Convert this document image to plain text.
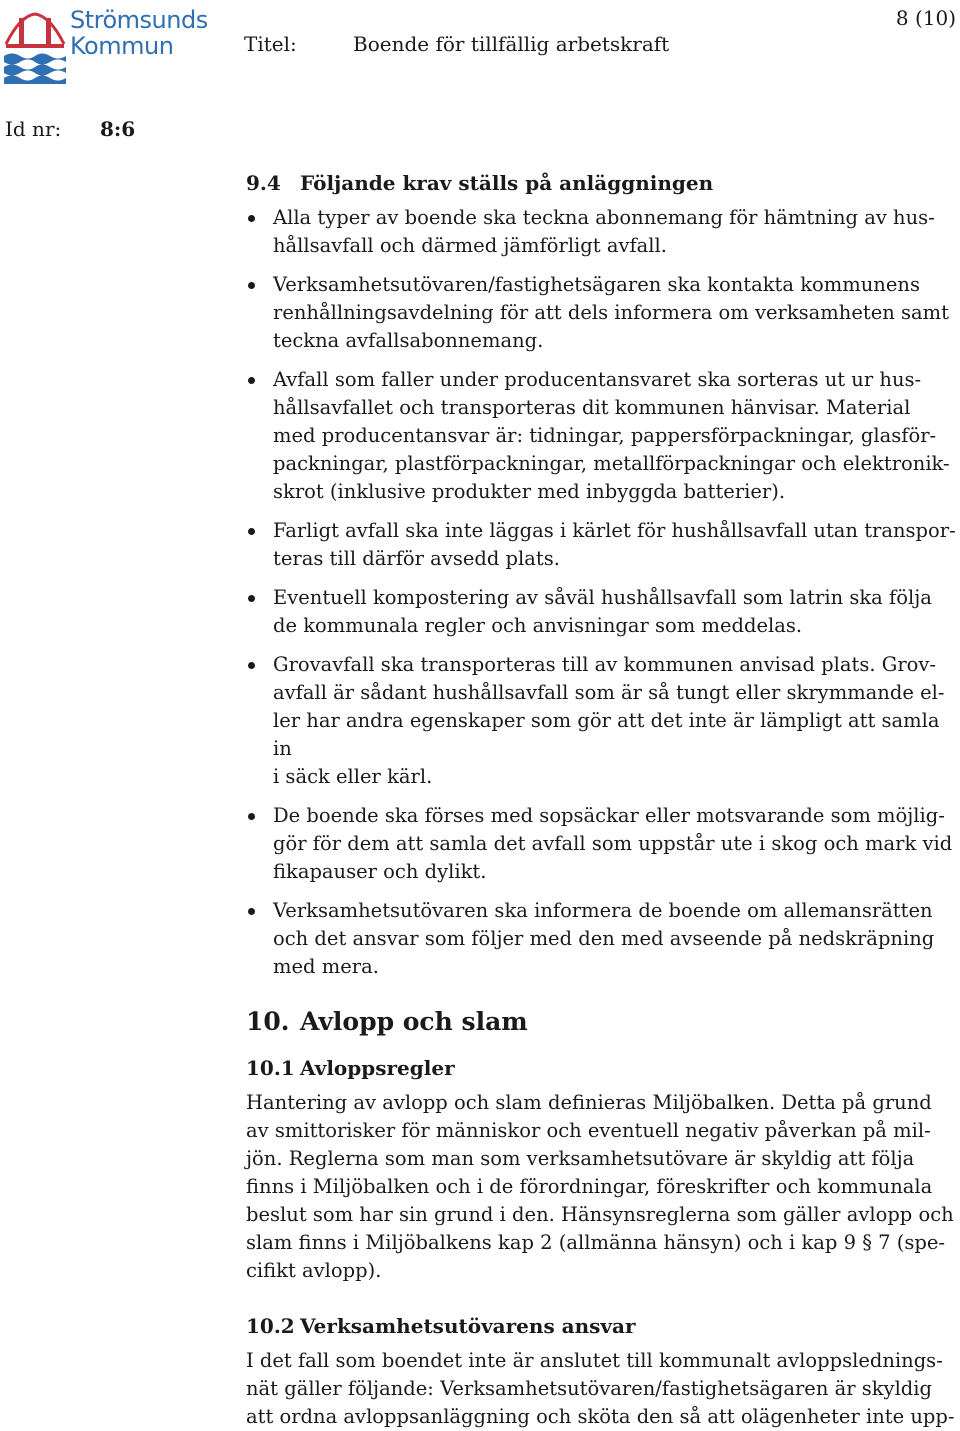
Strömsunds
Kommun
8 (10)
Titel:	Boende för tillfällig arbetskraft
Id nr: 8:6
9.4 Följande krav ställs på anläggningen
Alla typer av boende ska teckna abonnemang för hämtning av hus-
hållsavfall och därmed jämförligt avfall.
Verksamhetsutövaren/fastighetsägaren ska kontakta kommunens
renhållningsavdelning för att dels informera om verksamheten samt
teckna avfallsabonnemang.
Avfall som faller under producentansvaret ska sorteras ut ur hus-
hållsavfallet och transporteras dit kommunen hänvisar. Material
med producentansvar är: tidningar, pappersförpackningar, glasför-
packningar, plastförpackningar, metallförpackningar och elektronik-
skrot (inklusive produkter med inbyggda batterier).
Farligt avfall ska inte läggas i kärlet för hushållsavfall utan transpor-
teras till därför avsedd plats.
Eventuell kompostering av såväl hushållsavfall som latrin ska följa
de kommunala regler och anvisningar som meddelas.
Grovavfall ska transporteras till av kommunen anvisad plats. Grov-
avfall är sådant hushållsavfall som är så tungt eller skrymmande el-
ler har andra egenskaper som gör att det inte är lämpligt att samla in
i säck eller kärl.
De boende ska förses med sopsäckar eller motsvarande som möjlig-
gör för dem att samla det avfall som uppstår ute i skog och mark vid
fikapauser och dylikt.
Verksamhetsutövaren ska informera de boende om allemansrätten
och det ansvar som följer med den med avseende på nedskräpning
med mera.
10. Avlopp och slam
10.1 Avloppsregler

Hantering av avlopp och slam definieras Miljöbalken. Detta på grund
av smittorisker för människor och eventuell negativ påverkan på mil-
jön. Reglerna som man som verksamhetsutövare är skyldig att följa
finns i Miljöbalken och i de förordningar, föreskrifter och kommunala
beslut som har sin grund i den. Hänsynsreglerna som gäller avlopp och
slam finns i Miljöbalkens kap 2 (allmänna hänsyn) och i kap 9 § 7 (spe-
cifikt avlopp).

10.2 Verksamhetsutövarens ansvar

I det fall som boendet inte är anslutet till kommunalt avloppslednings-
nät gäller följande: Verksamhetsutövaren/fastighetsägaren är skyldig
att ordna avloppsanläggning och sköta den så att olägenheter inte upp-
